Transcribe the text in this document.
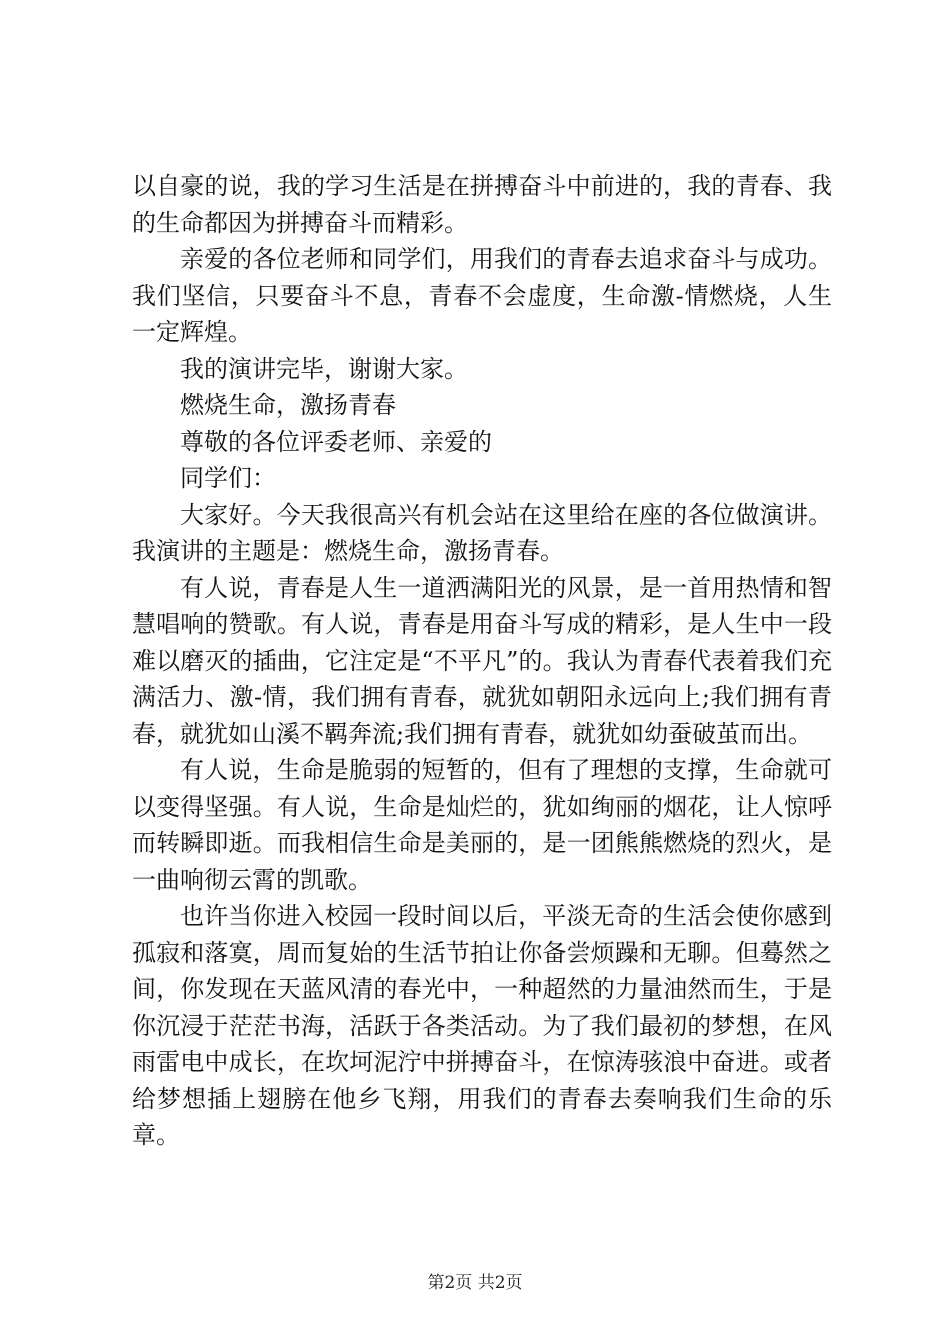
以自豪的说，我的学习生活是在拼搏奋斗中前进的，我的青春、我的生命都因为拼搏奋斗而精彩。

亲爱的各位老师和同学们，用我们的青春去追求奋斗与成功。我们坚信，只要奋斗不息，青春不会虚度，生命激-情燃烧，人生一定辉煌。

我的演讲完毕，谢谢大家。

燃烧生命，激扬青春

尊敬的各位评委老师、亲爱的

同学们：

大家好。今天我很高兴有机会站在这里给在座的各位做演讲。我演讲的主题是：燃烧生命，激扬青春。

有人说，青春是人生一道洒满阳光的风景，是一首用热情和智慧唱响的赞歌。有人说，青春是用奋斗写成的精彩，是人生中一段难以磨灭的插曲，它注定是“不平凡”的。我认为青春代表着我们充满活力、激-情，我们拥有青春，就犹如朝阳永远向上;我们拥有青春，就犹如山溪不羁奔流;我们拥有青春，就犹如幼蚕破茧而出。

有人说，生命是脆弱的短暂的，但有了理想的支撑，生命就可以变得坚强。有人说，生命是灿烂的，犹如绚丽的烟花，让人惊呼而转瞬即逝。而我相信生命是美丽的，是一团熊熊燃烧的烈火，是一曲响彻云霄的凯歌。

也许当你进入校园一段时间以后，平淡无奇的生活会使你感到孤寂和落寞，周而复始的生活节拍让你备尝烦躁和无聊。但蓦然之间，你发现在天蓝风清的春光中，一种超然的力量油然而生，于是你沉浸于茫茫书海，活跃于各类活动。为了我们最初的梦想，在风雨雷电中成长，在坎坷泥泞中拼搏奋斗，在惊涛骇浪中奋进。或者给梦想插上翅膀在他乡飞翔，用我们的青春去奏响我们生命的乐章。

第2页 共2页
